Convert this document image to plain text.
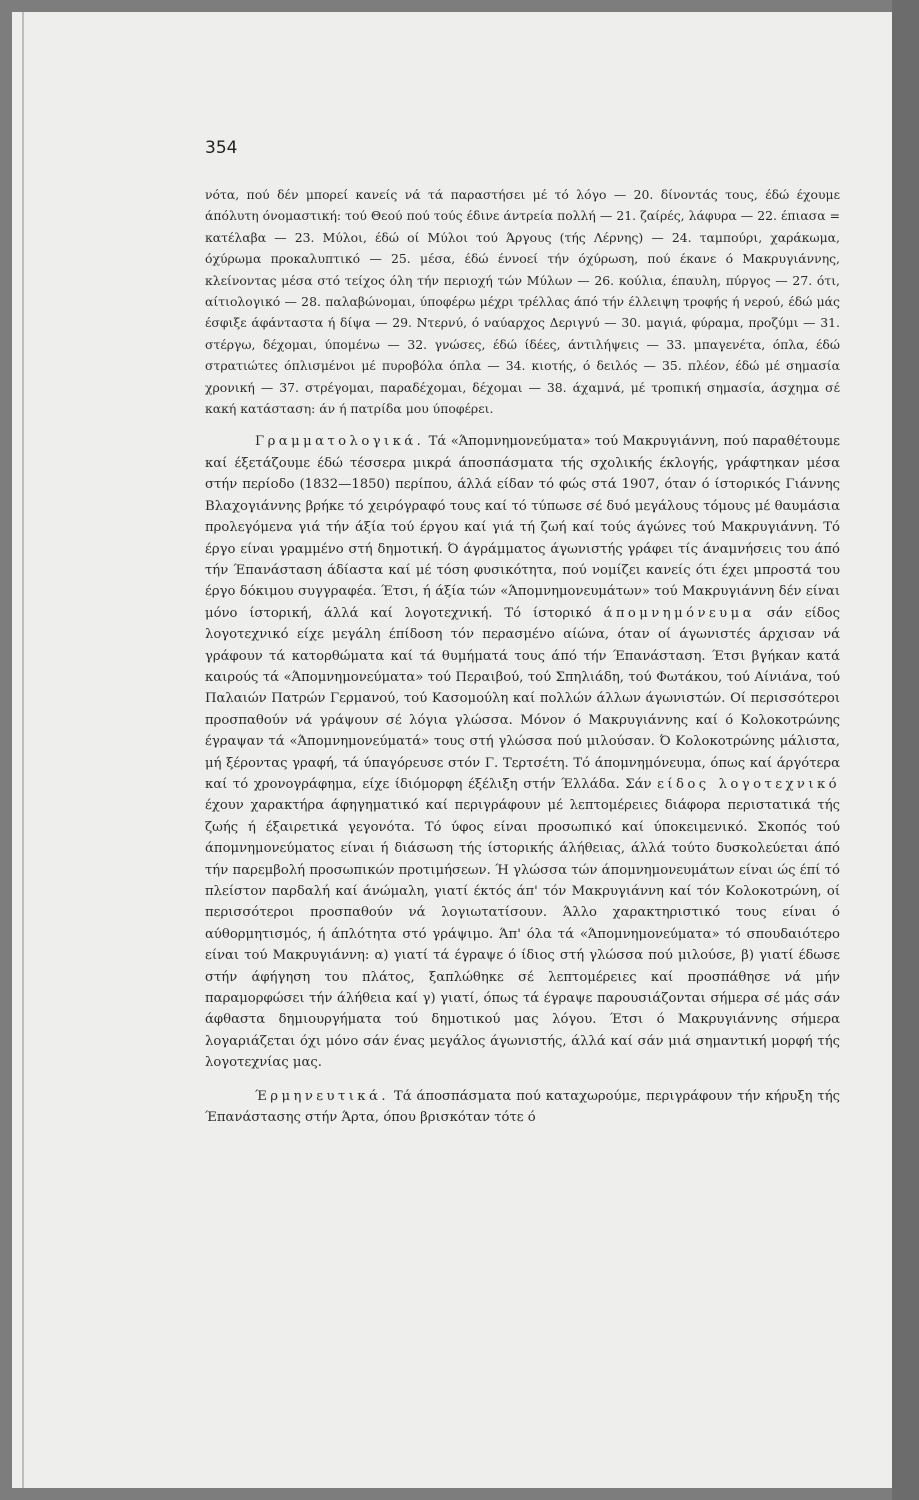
354

νότα, πού δέν μπορεί κανείς νά τά παραστήσει μέ τό λόγο — 20. δίνοντάς τους, έδώ έχουμε άπόλυτη όνομαστική: τού Θεού πού τούς έδινε άντρεία πολλή — 21. ζαίρές, λάφυρα — 22. έπιασα = κατέλαβα — 23. Μύλοι, έδώ οί Μύλοι τού Άργους (τής Λέρνης) — 24. ταμπούρι, χαράκωμα, όχύρωμα προκαλυπτικό — 25. μέσα, έδώ έννοεί τήν όχύρωση, πού έκανε ό Μακρυγιάννης, κλείνοντας μέσα στό τείχος όλη τήν περιοχή τών Μύλων — 26. κούλια, έπαυλη, πύργος — 27. ότι, αίτιολογικό — 28. παλαβώνομαι, ύποφέρω μέχρι τρέλλας άπό τήν έλλειψη τροφής ή νερού, έδώ μάς έσφιξε άφάνταστα ή δίψα — 29. Ντερνύ, ό ναύαρχος Δεριγνύ — 30. μαγιά, φύραμα, προζύμι — 31. στέργω, δέχομαι, ύπομένω — 32. γνώσες, έδώ ίδέες, άντιλήψεις — 33. μπαγενέτα, όπλα, έδώ στρατιώτες όπλισμένοι μέ πυροβόλα όπλα — 34. κιοτής, ό δειλός — 35. πλέον, έδώ μέ σημασία χρονική — 37. στρέγομαι, παραδέχομαι, δέχομαι — 38. άχαμνά, μέ τροπική σημασία, άσχημα σέ κακή κατάσταση: άν ή πατρίδα μου ύποφέρει.

Γραμματολογικά. Τά «Άπομνημονεύματα» τού Μακρυγιάννη, πού παραθέτουμε καί έξετάζουμε έδώ τέσσερα μικρά άποσπάσματα τής σχολικής έκλογής, γράφτηκαν μέσα στήν περίοδο (1832—1850) περίπου, άλλά είδαν τό φώς στά 1907, όταν ό ίστορικός Γιάννης Βλαχογιάννης βρήκε τό χειρόγραφό τους καί τό τύπωσε σέ δυό μεγάλους τόμους μέ θαυμάσια προλεγόμενα γιά τήν άξία τού έργου καί γιά τή ζωή καί τούς άγώνες τού Μακρυγιάννη. Τό έργο είναι γραμμένο στή δημοτική. Ό άγράμματος άγωνιστής γράφει τίς άναμνήσεις του άπό τήν Έπανάσταση άδίαστα καί μέ τόση φυσικότητα, πού νομίζει κανείς ότι έχει μπροστά του έργο δόκιμου συγγραφέα. Έτσι, ή άξία τών «Άπομνημονευμάτων» τού Μακρυγιάννη δέν είναι μόνο ίστορική, άλλά καί λογοτεχνική. Τό ίστορικό άπομνημόνευμα σάν είδος λογοτεχνικό είχε μεγάλη έπίδοση τόν περασμένο αίώνα, όταν οί άγωνιστές άρχισαν νά γράφουν τά κατορθώματα καί τά θυμήματά τους άπό τήν Έπανάσταση. Έτσι βγήκαν κατά καιρούς τά «Άπομνημονεύματα» τού Περαιβού, τού Σπηλιάδη, τού Φωτάκου, τού Αίνιάνα, τού Παλαιών Πατρών Γερμανού, τού Κασομούλη καί πολλών άλλων άγωνιστών. Οί περισσότεροι προσπαθούν νά γράψουν σέ λόγια γλώσσα. Μόνον ό Μακρυγιάννης καί ό Κολοκοτρώνης έγραψαν τά «Άπομνημονεύματά» τους στή γλώσσα πού μιλούσαν. Ό Κολοκοτρώνης μάλιστα, μή ξέροντας γραφή, τά ύπαγόρευσε στόν Γ. Τερτσέτη. Τό άπομνημόνευμα, όπως καί άργότερα καί τό χρονογράφημα, είχε ίδιόμορφη έξέλιξη στήν Έλλάδα. Σάν είδος λογοτεχνικό έχουν χαρακτήρα άφηγηματικό καί περιγράφουν μέ λεπτομέρειες διάφορα περιστατικά τής ζωής ή έξαιρετικά γεγονότα. Τό ύφος είναι προσωπικό καί ύποκειμενικό. Σκοπός τού άπομνημονεύματος είναι ή διάσωση τής ίστορικής άλήθειας, άλλά τούτο δυσκολεύεται άπό τήν παρεμβολή προσωπικών προτιμήσεων. Ή γλώσσα τών άπομνημονευμάτων είναι ώς έπί τό πλείστον παρδαλή καί άνώμαλη, γιατί έκτός άπ' τόν Μακρυγιάννη καί τόν Κολοκοτρώνη, οί περισσότεροι προσπαθούν νά λογιωτατίσουν. Άλλο χαρακτηριστικό τους είναι ό αύθορμητισμός, ή άπλότητα στό γράψιμο. Άπ' όλα τά «Άπομνημονεύματα» τό σπουδαιότερο είναι τού Μακρυγιάννη: α) γιατί τά έγραψε ό ίδιος στή γλώσσα πού μιλούσε, β) γιατί έδωσε στήν άφήγηση του πλάτος, ξαπλώθηκε σέ λεπτομέρειες καί προσπάθησε νά μήν παραμορφώσει τήν άλήθεια καί γ) γιατί, όπως τά έγραψε παρουσιάζονται σήμερα σέ μάς σάν άφθαστα δημιουργήματα τού δημοτικού μας λόγου. Έτσι ό Μακρυγιάννης σήμερα λογαριάζεται όχι μόνο σάν ένας μεγάλος άγωνιστής, άλλά καί σάν μιά σημαντική μορφή τής λογοτεχνίας μας.

Έρμηνευτικά. Τά άποσπάσματα πού καταχωρούμε, περιγράφουν τήν κήρυξη τής Έπανάστασης στήν Άρτα, όπου βρισκόταν τότε ό
